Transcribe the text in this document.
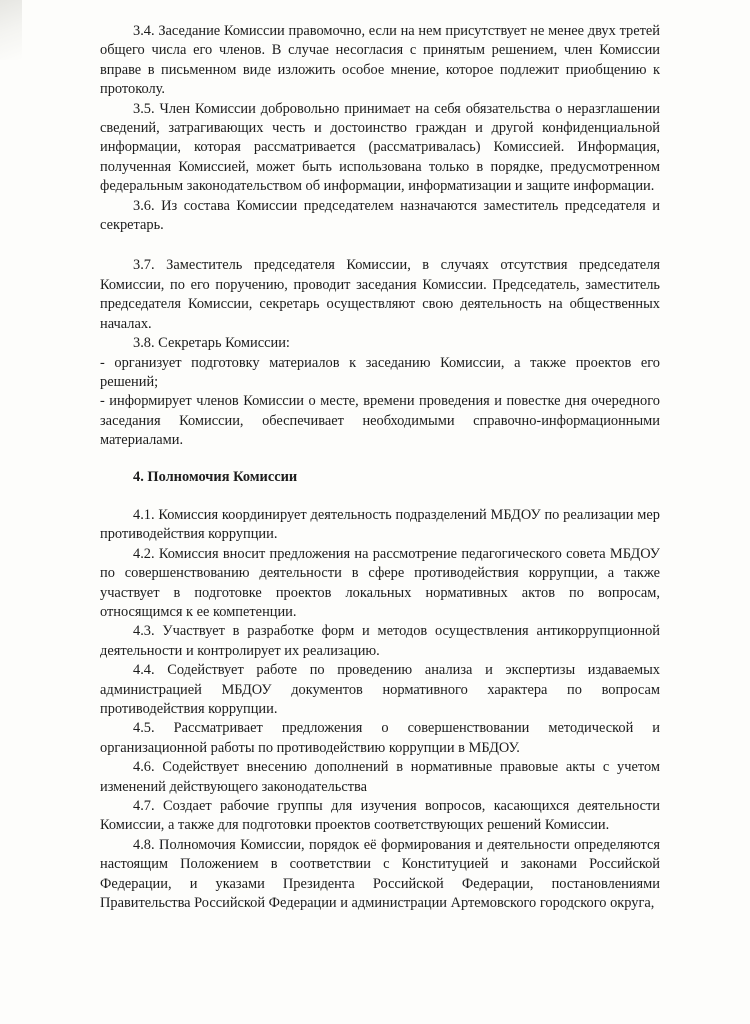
3.4. Заседание Комиссии правомочно, если на нем присутствует не менее двух третей общего числа его членов. В случае несогласия с принятым решением, член Комиссии вправе в письменном виде изложить особое мнение, которое подлежит приобщению к протоколу.

3.5. Член Комиссии добровольно принимает на себя обязательства о неразглашении сведений, затрагивающих честь и достоинство граждан и другой конфиденциальной информации, которая рассматривается (рассматривалась) Комиссией. Информация, полученная Комиссией, может быть использована только в порядке, предусмотренном федеральным законодательством об информации, информатизации и защите информации.

3.6. Из состава Комиссии председателем назначаются заместитель председателя и секретарь.

3.7. Заместитель председателя Комиссии, в случаях отсутствия председателя Комиссии, по его поручению, проводит заседания Комиссии. Председатель, заместитель председателя Комиссии, секретарь осуществляют свою деятельность на общественных началах.

3.8. Секретарь Комиссии:

- организует подготовку материалов к заседанию Комиссии, а также проектов его решений;

- информирует членов Комиссии о месте, времени проведения и повестке дня очередного заседания Комиссии, обеспечивает необходимыми справочно-информационными материалами.

4. Полномочия Комиссии

4.1. Комиссия координирует деятельность подразделений МБДОУ по реализации мер противодействия коррупции.

4.2. Комиссия вносит предложения на рассмотрение педагогического совета МБДОУ по совершенствованию деятельности в сфере противодействия коррупции, а также участвует в подготовке проектов локальных нормативных актов по вопросам, относящимся к ее компетенции.

4.3. Участвует в разработке форм и методов осуществления антикоррупционной деятельности и контролирует их реализацию.

4.4. Содействует работе по проведению анализа и экспертизы издаваемых администрацией МБДОУ документов нормативного характера по вопросам противодействия коррупции.

4.5. Рассматривает предложения о совершенствовании методической и организационной работы по противодействию коррупции в МБДОУ.

4.6. Содействует внесению дополнений в нормативные правовые акты с учетом изменений действующего законодательства

4.7. Создает рабочие группы для изучения вопросов, касающихся деятельности Комиссии, а также для подготовки проектов соответствующих решений Комиссии.

4.8. Полномочия Комиссии, порядок её формирования и деятельности определяются настоящим Положением в соответствии с Конституцией и законами Российской Федерации, и указами Президента Российской Федерации, постановлениями Правительства Российской Федерации и администрации Артемовского городского округа,
